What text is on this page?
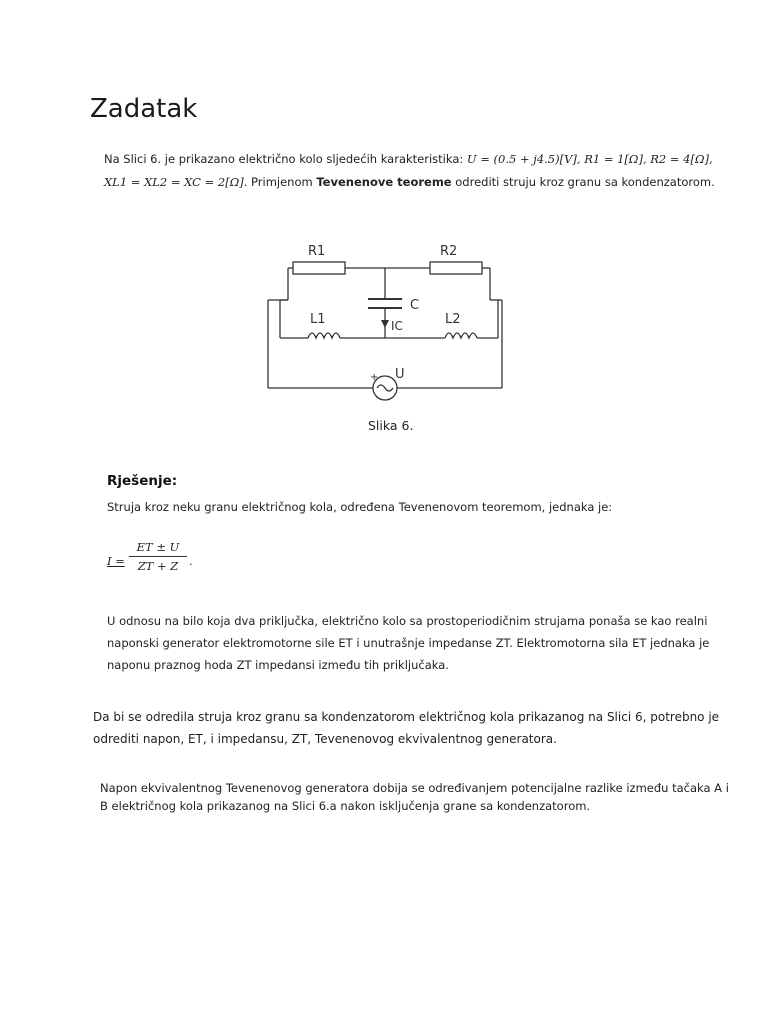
Zadatak
Na Slici 6. je prikazano električno kolo sljedećih karakteristika: U = (0.5 + j4.5)[V], R1 = 1[Ω], R2 = 4[Ω],
XL1 = XL2 = XC = 2[Ω]. Primjenom Tevenenove teoreme odrediti struju kroz granu sa kondenzatorom.
R1	R2
C
IC
L1	L2
+ U
Slika 6.
Rješenje:
Struja kroz neku granu električnog kola, određena Tevenenovom teoremom, jednaka je:
$I = \frac{ET \pm U}{ZT + Z}$ .
U odnosu na bilo koja dva priključka, električno kolo sa prostoperiodičnim strujama ponaša se kao realni
naponski generator elektromotorne sile ET i unutrašnje impedanse ZT. Elektromotorna sila ET jednaka je
naponu praznog hoda ZT impedansi između tih priključaka.
Da bi se odredila struja kroz granu sa kondenzatorom električnog kola prikazanog na Slici 6, potrebno je
odrediti napon, ET, i impedansu, ZT, Tevenenovog ekvivalentnog generatora.
Napon ekvivalentnog Tevenenovog generatora dobija se određivanjem potencijalne razlike između tačaka A i
B električnog kola prikazanog na Slici 6.a nakon isključenja grane sa kondenzatorom.
